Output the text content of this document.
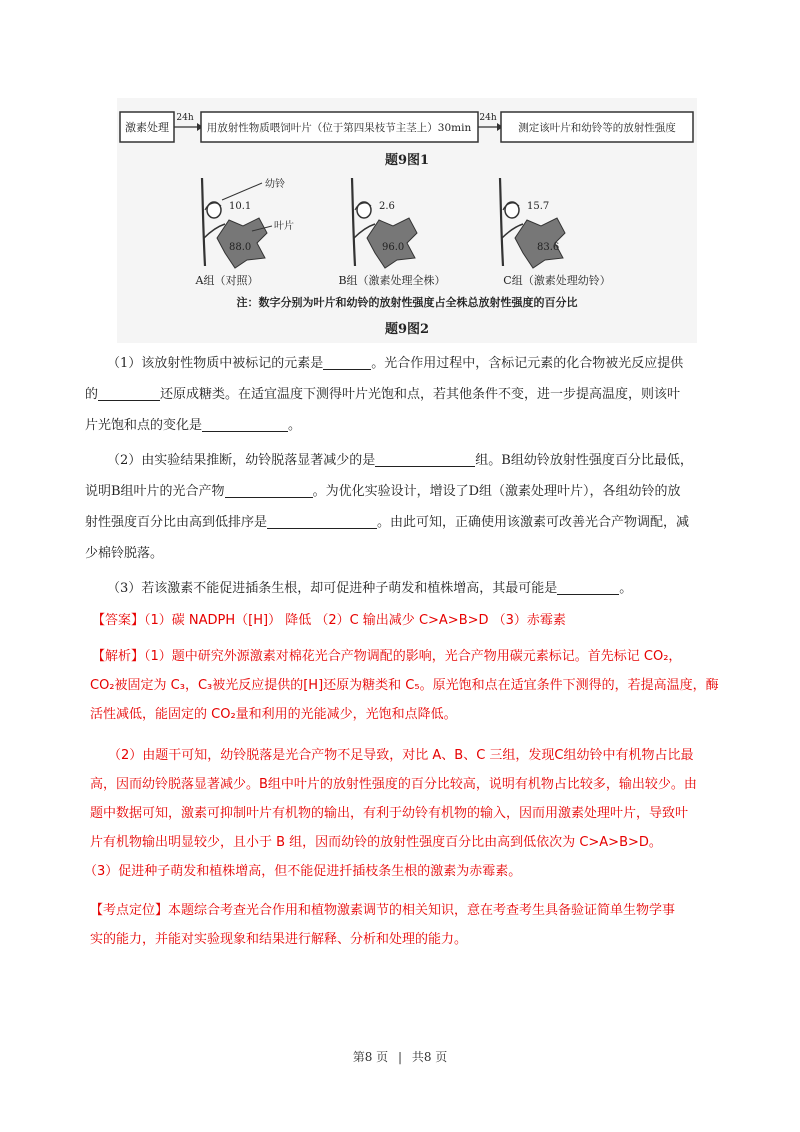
激素处理
24h
用放射性物质喂饲叶片（位于第四果枝节主茎上）30min
24h
测定该叶片和幼铃等的放射性强度
题9图1
幼铃
叶片
10.1
88.0
A组（对照）
2.6
96.0
B组（激素处理全株）
15.7
83.6
C组（激素处理幼铃）
注：数字分别为叶片和幼铃的放射性强度占全株总放射性强度的百分比
题9图2

（1）该放射性物质中被标记的元素是	。光合作用过程中，含标记元素的化合物被光反应提供

的	还原成糖类。在适宜温度下测得叶片光饱和点，若其他条件不变，进一步提高温度，则该叶

片光饱和点的变化是	。

（2）由实验结果推断，幼铃脱落显著减少的是	组。B组幼铃放射性强度百分比最低，

说明B组叶片的光合产物	。为优化实验设计，增设了D组（激素处理叶片），各组幼铃的放

射性强度百分比由高到低排序是	。由此可知，正确使用该激素可改善光合产物调配，减

少棉铃脱落。

（3）若该激素不能促进插条生根，却可促进种子萌发和植株增高，其最可能是	。

【答案】（1）碳 NADPH（[H]） 降低 （2）C 输出减少 C>A>B>D （3）赤霉素

【解析】（1）题中研究外源激素对棉花光合产物调配的影响，光合产物用碳元素标记。首先标记 CO₂，

CO₂被固定为 C₃，C₃被光反应提供的[H]还原为糖类和 C₅。原光饱和点在适宜条件下测得的，若提高温度，酶

活性减低，能固定的 CO₂量和利用的光能减少，光饱和点降低。

（2）由题干可知，幼铃脱落是光合产物不足导致，对比 A、B、C 三组，发现C组幼铃中有机物占比最

高，因而幼铃脱落显著减少。B组中叶片的放射性强度的百分比较高，说明有机物占比较多，输出较少。由

题中数据可知，激素可抑制叶片有机物的输出，有利于幼铃有机物的输入，因而用激素处理叶片，导致叶

片有机物输出明显较少，且小于 B 组，因而幼铃的放射性强度百分比由高到低依次为 C>A>B>D。

（3）促进种子萌发和植株增高，但不能促进扦插枝条生根的激素为赤霉素。

【考点定位】本题综合考查光合作用和植物激素调节的相关知识，意在考查考生具备验证简单生物学事

实的能力，并能对实验现象和结果进行解释、分析和处理的能力。

第8 页 | 共8 页
